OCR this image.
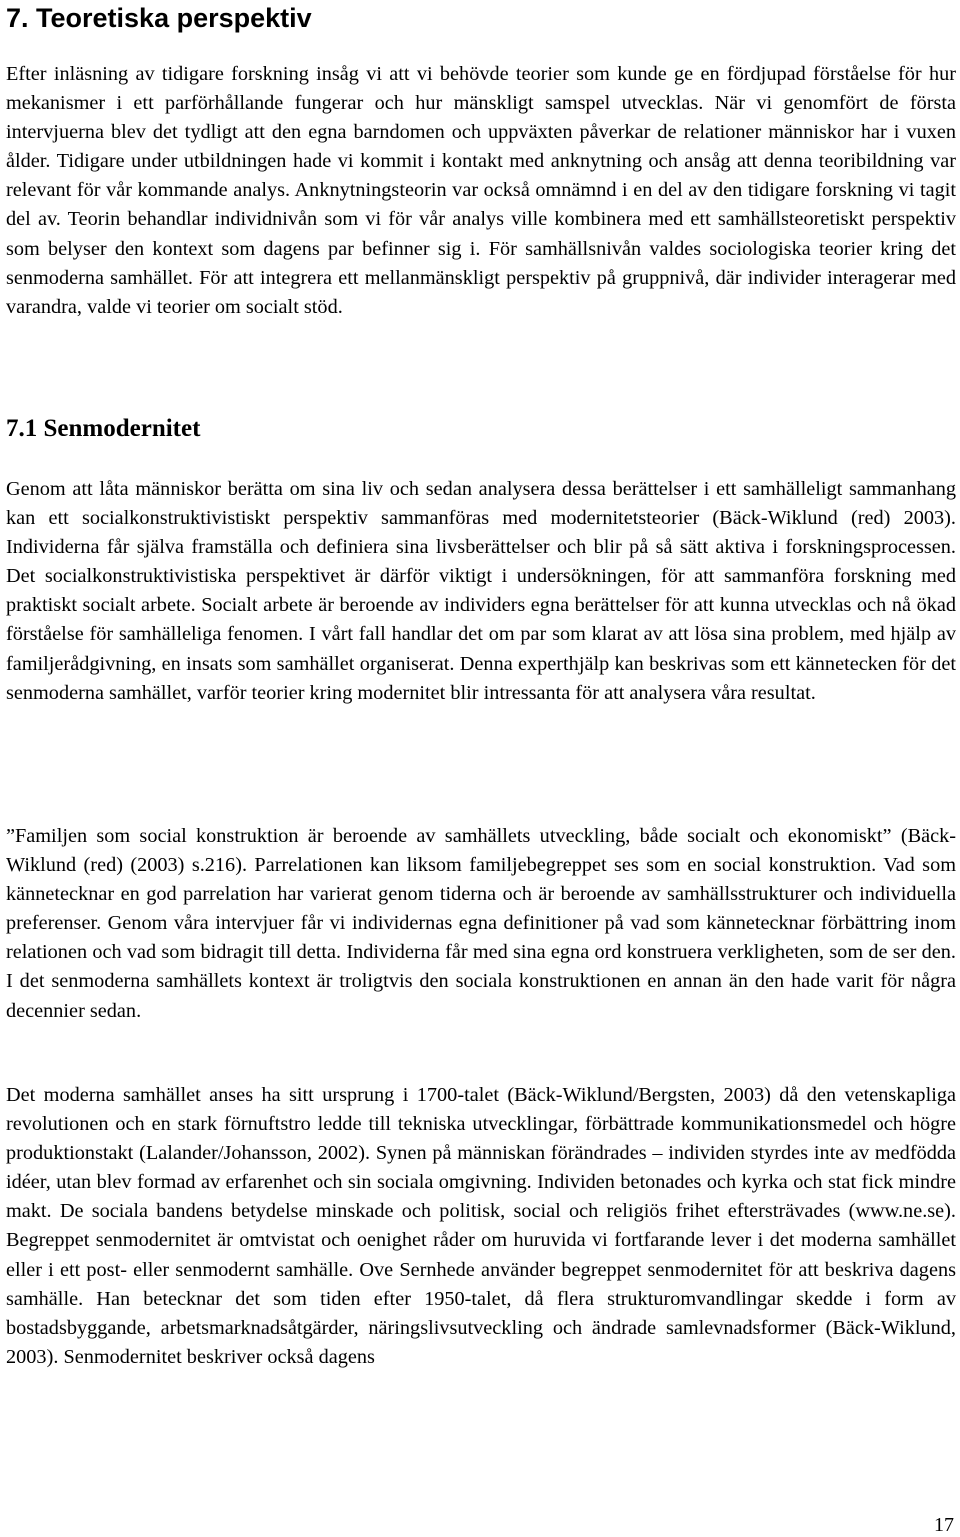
7. Teoretiska perspektiv

Efter inläsning av tidigare forskning insåg vi att vi behövde teorier som kunde ge en fördjupad förståelse för hur mekanismer i ett parförhållande fungerar och hur mänskligt samspel utvecklas. När vi genomfört de första intervjuerna blev det tydligt att den egna barndomen och uppväxten påverkar de relationer människor har i vuxen ålder. Tidigare under utbildningen hade vi kommit i kontakt med anknytning och ansåg att denna teoribildning var relevant för vår kommande analys. Anknytningsteorin var också omnämnd i en del av den tidigare forskning vi tagit del av. Teorin behandlar individnivån som vi för vår analys ville kombinera med ett samhällsteoretiskt perspektiv som belyser den kontext som dagens par befinner sig i. För samhällsnivån valdes sociologiska teorier kring det senmoderna samhället. För att integrera ett mellanmänskligt perspektiv på gruppnivå, där individer interagerar med varandra, valde vi teorier om socialt stöd.

7.1 Senmodernitet

Genom att låta människor berätta om sina liv och sedan analysera dessa berättelser i ett samhälleligt sammanhang kan ett socialkonstruktivistiskt perspektiv sammanföras med modernitetsteorier (Bäck-Wiklund (red) 2003). Individerna får själva framställa och definiera sina livsberättelser och blir på så sätt aktiva i forskningsprocessen. Det socialkonstruktivistiska perspektivet är därför viktigt i undersökningen, för att sammanföra forskning med praktiskt socialt arbete. Socialt arbete är beroende av individers egna berättelser för att kunna utvecklas och nå ökad förståelse för samhälleliga fenomen. I vårt fall handlar det om par som klarat av att lösa sina problem, med hjälp av familjerådgivning, en insats som samhället organiserat. Denna experthjälp kan beskrivas som ett kännetecken för det senmoderna samhället, varför teorier kring modernitet blir intressanta för att analysera våra resultat.

”Familjen som social konstruktion är beroende av samhällets utveckling, både socialt och ekonomiskt” (Bäck-Wiklund (red) (2003) s.216). Parrelationen kan liksom familjebegreppet ses som en social konstruktion. Vad som kännetecknar en god parrelation har varierat genom tiderna och är beroende av samhällsstrukturer och individuella preferenser. Genom våra intervjuer får vi individernas egna definitioner på vad som kännetecknar förbättring inom relationen och vad som bidragit till detta. Individerna får med sina egna ord konstruera verkligheten, som de ser den. I det senmoderna samhällets kontext är troligtvis den sociala konstruktionen en annan än den hade varit för några decennier sedan.

Det moderna samhället anses ha sitt ursprung i 1700-talet (Bäck-Wiklund/Bergsten, 2003) då den vetenskapliga revolutionen och en stark förnuftstro ledde till tekniska utvecklingar, förbättrade kommunikationsmedel och högre produktionstakt (Lalander/Johansson, 2002). Synen på människan förändrades – individen styrdes inte av medfödda idéer, utan blev formad av erfarenhet och sin sociala omgivning. Individen betonades och kyrka och stat fick mindre makt. De sociala bandens betydelse minskade och politisk, social och religiös frihet eftersträvades (www.ne.se). Begreppet senmodernitet är omtvistat och oenighet råder om huruvida vi fortfarande lever i det moderna samhället eller i ett post- eller senmodernt samhälle. Ove Sernhede använder begreppet senmodernitet för att beskriva dagens samhälle. Han betecknar det som tiden efter 1950-talet, då flera strukturomvandlingar skedde i form av bostadsbyggande, arbetsmarknadsåtgärder, näringslivsutveckling och ändrade samlevnadsformer (Bäck-Wiklund, 2003). Senmodernitet beskriver också dagens

17
